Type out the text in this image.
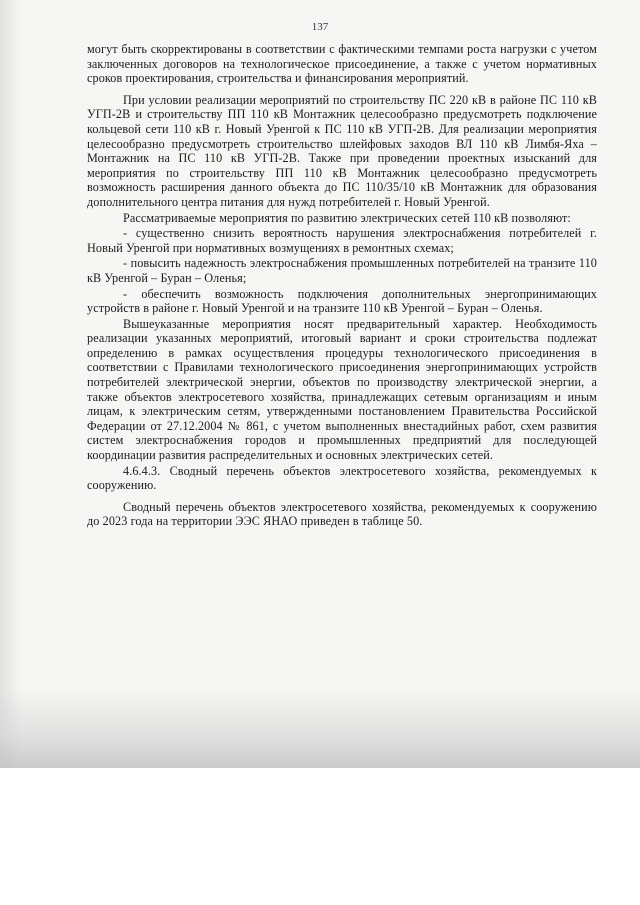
137

могут быть скорректированы в соответствии с фактическими темпами роста нагрузки с учетом заключенных договоров на технологическое присоединение, а также с учетом нормативных сроков проектирования, строительства и финансирования мероприятий.

При условии реализации мероприятий по строительству ПС 220 кВ в районе ПС 110 кВ УГП-2В и строительству ПП 110 кВ Монтажник целесообразно предусмотреть подключение кольцевой сети 110 кВ г. Новый Уренгой к ПС 110 кВ УГП-2В. Для реализации мероприятия целесообразно предусмотреть строительство шлейфовых заходов ВЛ 110 кВ Лимбя-Яха – Монтажник на ПС 110 кВ УГП-2В. Также при проведении проектных изысканий для мероприятия по строительству ПП 110 кВ Монтажник целесообразно предусмотреть возможность расширения данного объекта до ПС 110/35/10 кВ Монтажник для образования дополнительного центра питания для нужд потребителей г. Новый Уренгой.

Рассматриваемые мероприятия по развитию электрических сетей 110 кВ позволяют:

- существенно снизить вероятность нарушения электроснабжения потребителей г. Новый Уренгой при нормативных возмущениях в ремонтных схемах;

- повысить надежность электроснабжения промышленных потребителей на транзите 110 кВ Уренгой – Буран – Оленья;

- обеспечить возможность подключения дополнительных энергопринимающих устройств в районе г. Новый Уренгой и на транзите 110 кВ Уренгой – Буран – Оленья.

Вышеуказанные мероприятия носят предварительный характер. Необходимость реализации указанных мероприятий, итоговый вариант и сроки строительства подлежат определению в рамках осуществления процедуры технологического присоединения в соответствии с Правилами технологического присоединения энергопринимающих устройств потребителей электрической энергии, объектов по производству электрической энергии, а также объектов электросетевого хозяйства, принадлежащих сетевым организациям и иным лицам, к электрическим сетям, утвержденными постановлением Правительства Российской Федерации от 27.12.2004 № 861, с учетом выполненных внестадийных работ, схем развития систем электроснабжения городов и промышленных предприятий для последующей координации развития распределительных и основных электрических сетей.

4.6.4.3. Сводный перечень объектов электросетевого хозяйства, рекомендуемых к сооружению.

Сводный перечень объектов электросетевого хозяйства, рекомендуемых к сооружению до 2023 года на территории ЭЭС ЯНАО приведен в таблице 50.
